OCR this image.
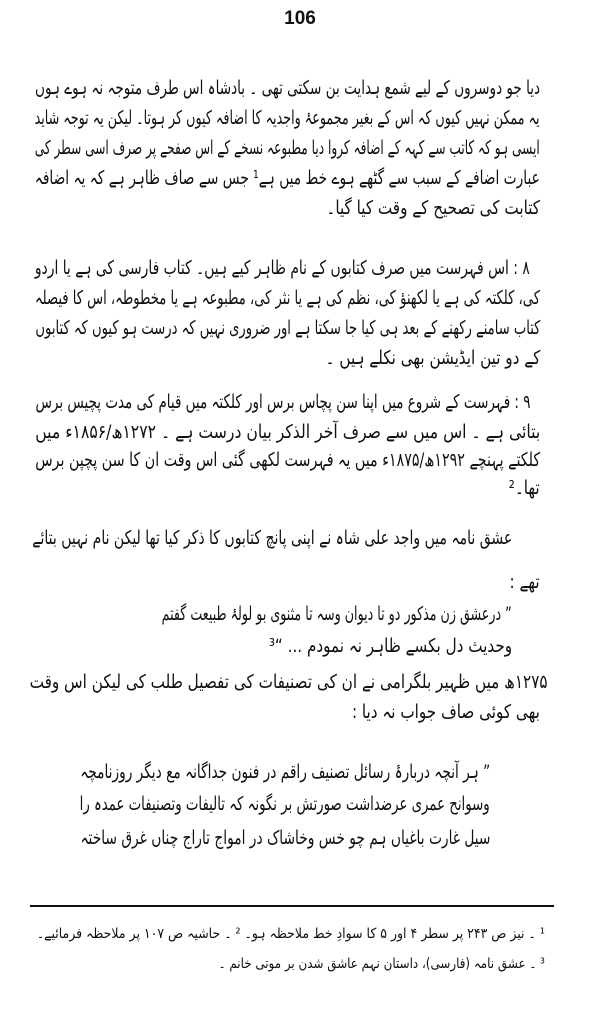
106
دیا جو دوسروں کے لیے شمع ہدایت بن سکتی تھی ۔ بادشاہ اس طرف متوجہ نہ ہوے ہوں
یہ ممکن نہیں کیوں کہ اس کے بغیر مجموعۂ واجدیہ کا اضافہ کیوں کر ہوتا۔ لیکن یہ توجہ شاید
ایسی ہو کہ کاتب سے کہہ کے اضافہ کروا دیا مطبوعہ نسخے کے اس صفحے پر صرف اسی سطر کی
عبارت اضافے کے سبب سے گٹھے ہوے خط میں ہے¹ جس سے صاف ظاہر ہے کہ یہ اضافہ
کتابت کی تصحیح کے وقت کیا گیا۔
۸ : اس فہرست میں صرف کتابوں کے نام ظاہر کیے ہیں۔ کتاب فارسی کی ہے یا اردو
کی، کلکتہ کی ہے یا لکھنؤ کی، نظم کی ہے یا نثر کی، مطبوعہ ہے یا مخطوطہ، اس کا فیصلہ
کتاب سامنے رکھنے کے بعد ہی کیا جا سکتا ہے اور ضروری نہیں کہ درست ہو کیوں کہ کتابوں
کے دو تین ایڈیشن بھی نکلے ہیں ۔
۹ : فہرست کے شروع میں اپنا سن پچاس برس اور کلکتہ میں قیام کی مدت پچیس برس
بتائی ہے ۔ اس میں سے صرف آخر الذکر بیان درست ہے ۔ ۱۲۷۲ھ/۱۸۵۶ء میں
کلکتے پہنچے ۱۲۹۲ھ/۱۸۷۵ء میں یہ فہرست لکھی گئی اس وقت ان کا سن پچپن برس
تھا۔²
عشق نامہ میں واجد علی شاہ نے اپنی پانچ کتابوں کا ذکر کیا تھا لیکن نام نہیں بتائے
تھے :
” درعشق زن مذکور دو تا دیوان وسہ تا مثنوی بو لولۂ طبیعت گفتم
وحدیث دل بکسے ظاہر نہ نمودم ... “³
۱۲۷۵ھ میں ظہیر بلگرامی نے ان کی تصنیفات کی تفصیل طلب کی لیکن اس وقت
بھی کوئی صاف جواب نہ دیا :
” ہر آنچہ دربارۂ رسائل تصنیف راقم در فنون جداگانہ مع دیگر روزنامچہ
وسوانح عمری عرضداشت صورتش بر نگونہ کہ تالیفات وتصنیفات عمدہ را
سیل غارت باغیاں ہم چو خس وخاشاک در امواج تاراج چناں غرق ساختہ
¹ ۔ نیز ص ۲۴۳ پر سطر ۴ اور ۵ کا سوادِ خط ملاحظہ ہو۔ ² ۔ حاشیہ ص ۱۰۷ پر ملاحظہ فرمائیے۔
³ ۔ عشق نامہ (فارسی)، داستان نہم عاشق شدن بر موتی خانم ۔
